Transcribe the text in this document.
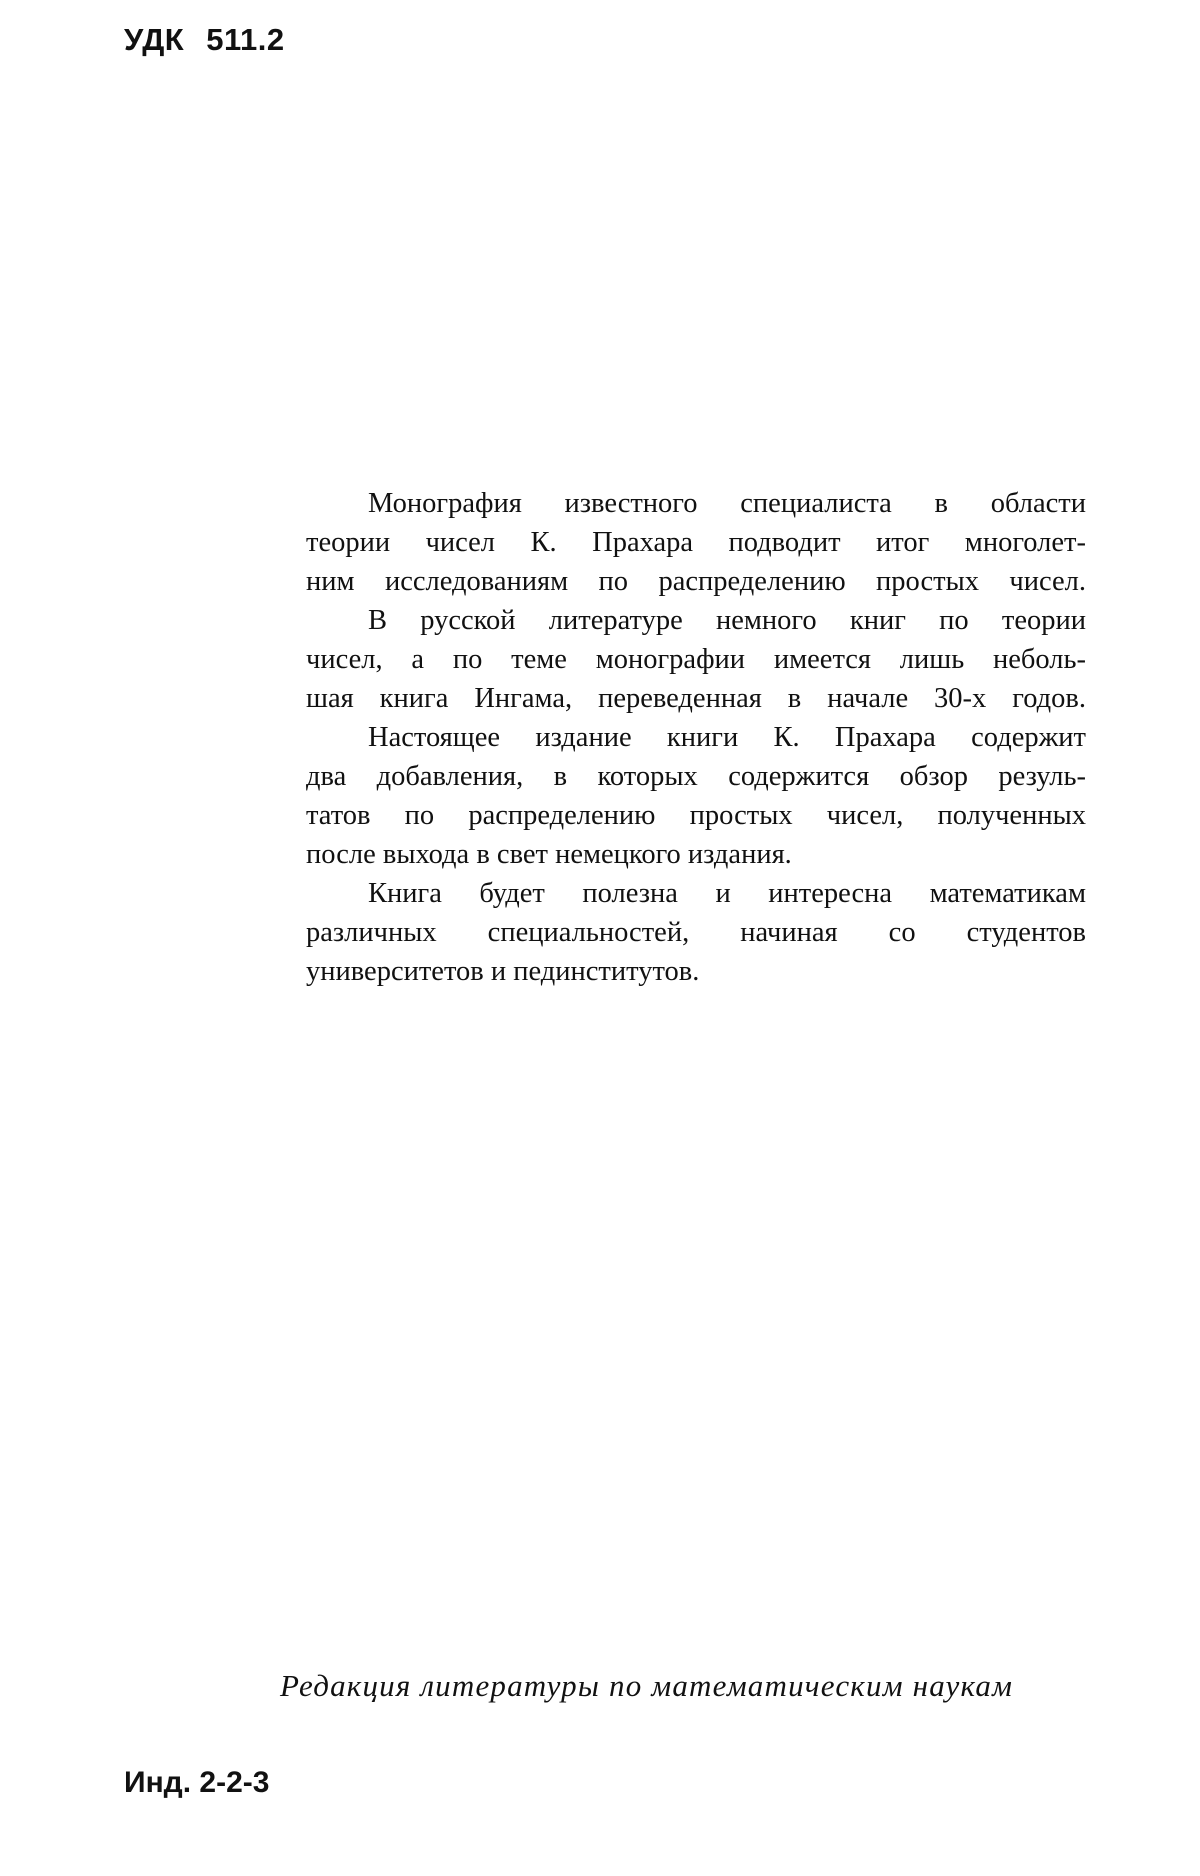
УДК 511.2
Монография известного специалиста в области
теории чисел К. Прахара подводит итог многолет-
ним исследованиям по распределению простых чисел.
В русской литературе немного книг по теории
чисел, а по теме монографии имеется лишь неболь-
шая книга Ингама, переведенная в начале 30-х годов.
Настоящее издание книги К. Прахара содержит
два добавления, в которых содержится обзор резуль-
татов по распределению простых чисел, полученных
после выхода в свет немецкого издания.
Книга будет полезна и интересна математикам
различных специальностей, начиная со студентов
университетов и пединститутов.
Редакция литературы по математическим наукам
Инд. 2-2-3
